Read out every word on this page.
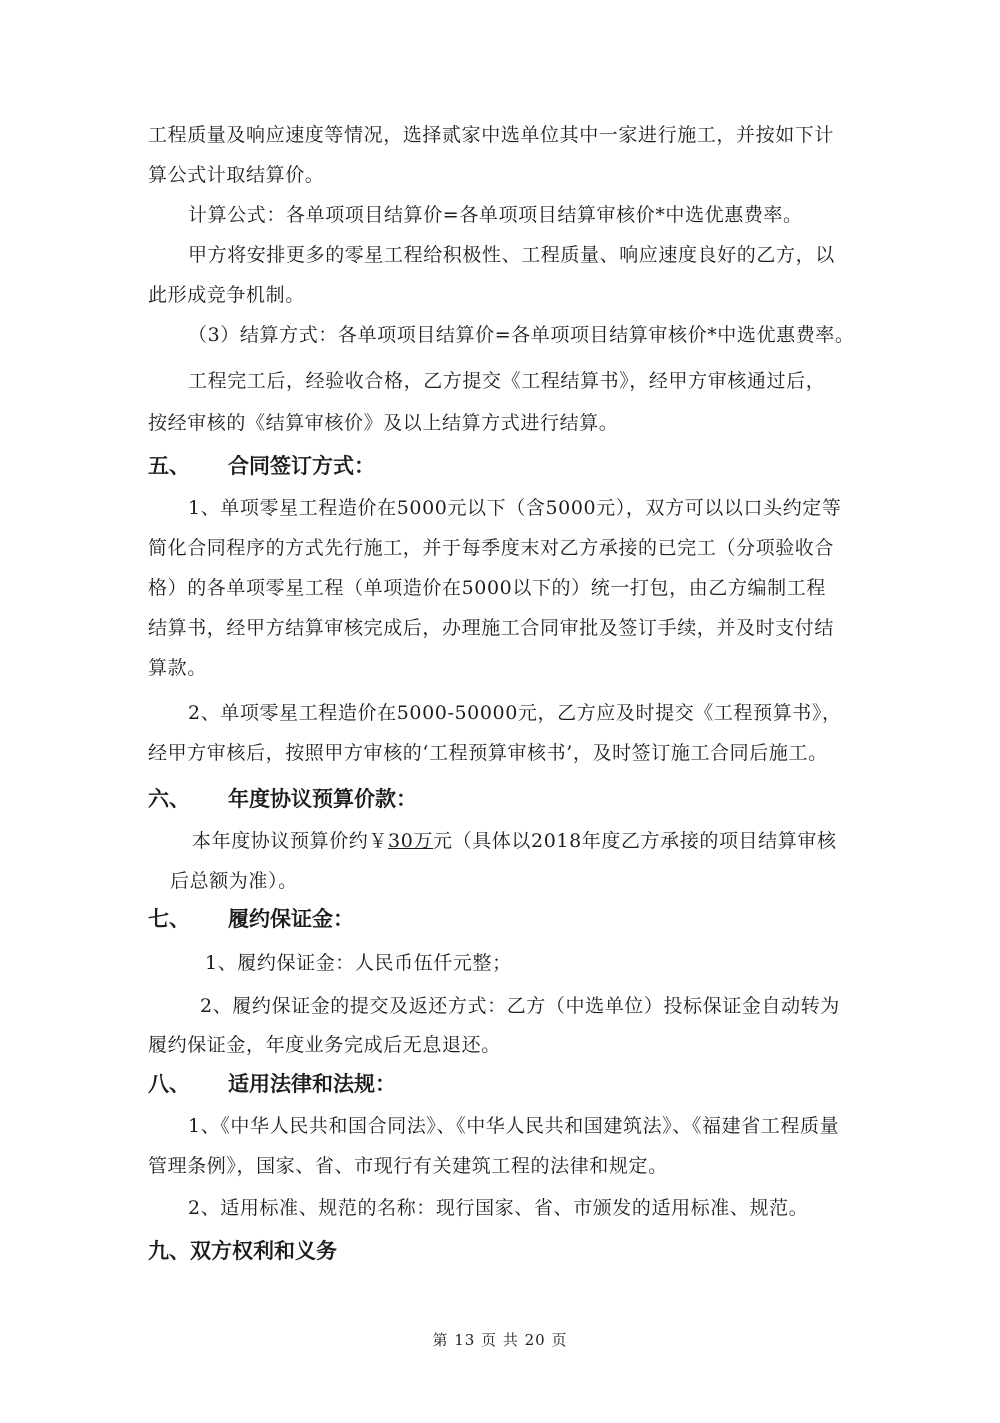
工程质量及响应速度等情况，选择贰家中选单位其中一家进行施工，并按如下计
算公式计取结算价。
计算公式：各单项项目结算价=各单项项目结算审核价*中选优惠费率。
甲方将安排更多的零星工程给积极性、工程质量、响应速度良好的乙方，以
此形成竞争机制。
（3）结算方式：各单项项目结算价=各单项项目结算审核价*中选优惠费率。
工程完工后，经验收合格，乙方提交《工程结算书》，经甲方审核通过后，
按经审核的《结算审核价》及以上结算方式进行结算。
五、 合同签订方式：
1、单项零星工程造价在5000元以下（含5000元），双方可以以口头约定等
简化合同程序的方式先行施工，并于每季度末对乙方承接的已完工（分项验收合
格）的各单项零星工程（单项造价在5000以下的）统一打包，由乙方编制工程
结算书，经甲方结算审核完成后，办理施工合同审批及签订手续，并及时支付结
算款。
2、单项零星工程造价在5000-50000元，乙方应及时提交《工程预算书》，
经甲方审核后，按照甲方审核的‘工程预算审核书’，及时签订施工合同后施工。
六、 年度协议预算价款：
本年度协议预算价约￥30万元（具体以2018年度乙方承接的项目结算审核
后总额为准）。
七、 履约保证金：
1、履约保证金：人民币伍仟元整；
2、履约保证金的提交及返还方式：乙方（中选单位）投标保证金自动转为
履约保证金，年度业务完成后无息退还。
八、 适用法律和法规：
1、《中华人民共和国合同法》、《中华人民共和国建筑法》、《福建省工程质量
管理条例》，国家、省、市现行有关建筑工程的法律和规定。
2、适用标准、规范的名称：现行国家、省、市颁发的适用标准、规范。
九、双方权利和义务
第 13 页 共 20 页
